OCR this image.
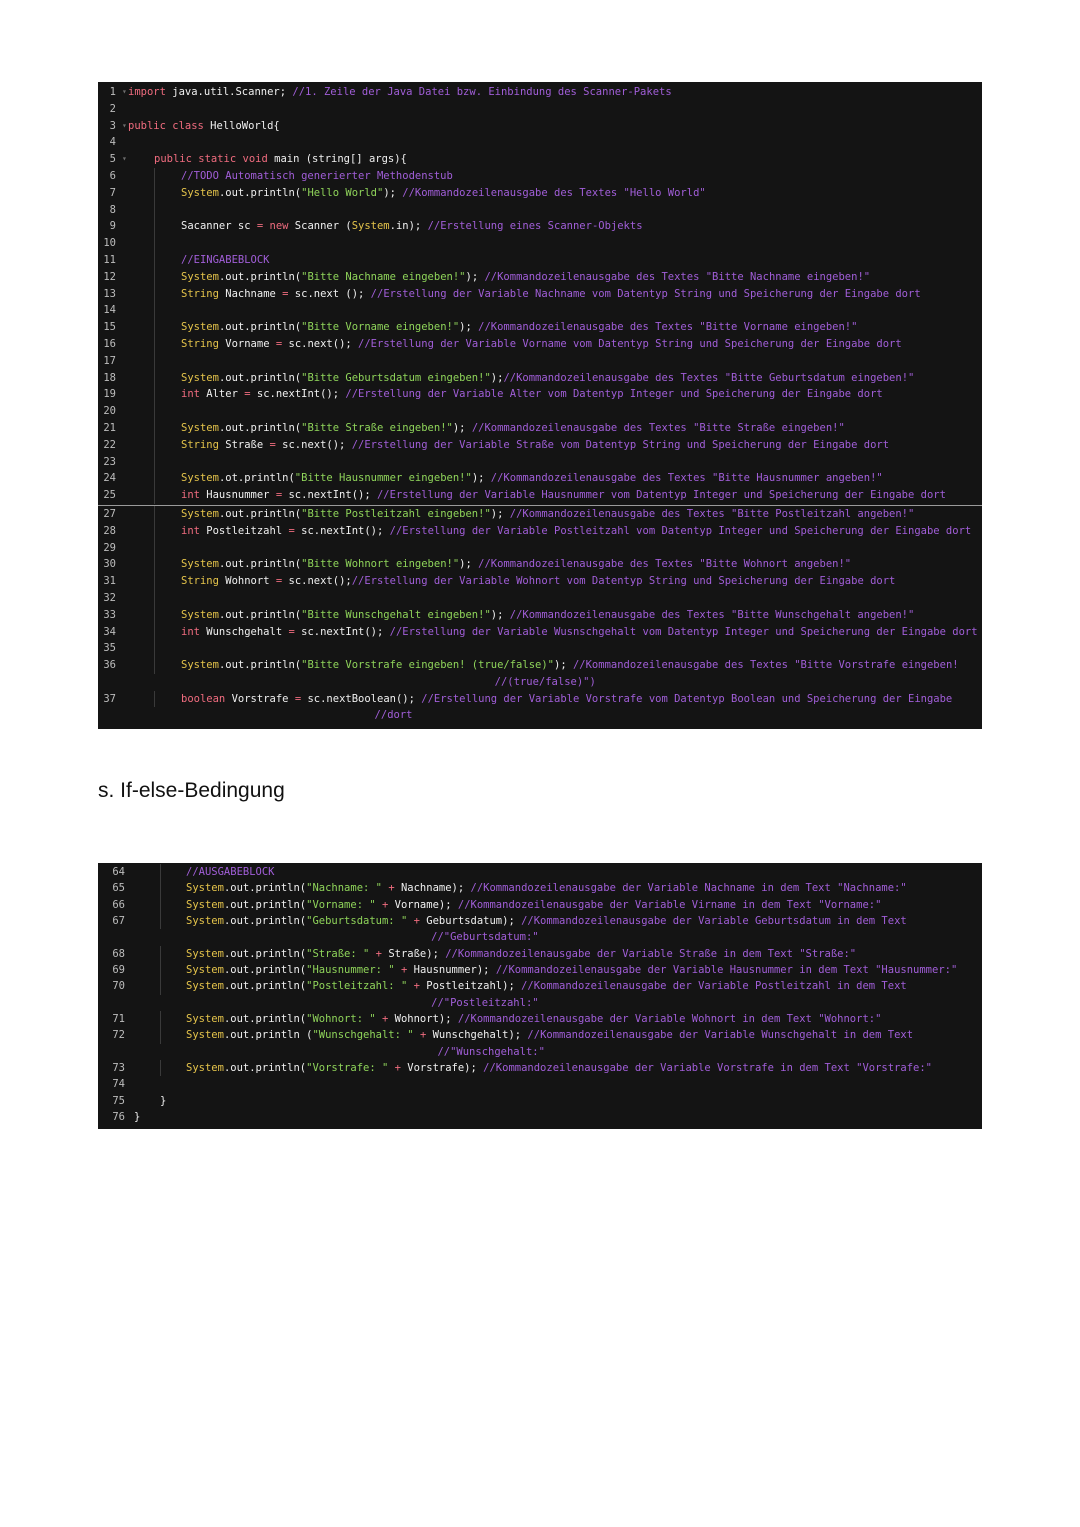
1 ▾ import java.util.Scanner; //1. Zeile der Java Datei bzw. Einbindung des Scanner-Pakets
2
3 ▾ public class HelloWorld{
4
5 ▾	public static void main (string[] args){
6	//TODO Automatisch generierter Methodenstub
7	System.out.println("Hello World"); //Kommandozeilenausgabe des Textes "Hello World"
8
9	Sacanner sc = new Scanner (System.in); //Erstellung eines Scanner-Objekts
10
11	//EINGABEBLOCK
12	System.out.println("Bitte Nachname eingeben!"); //Kommandozeilenausgabe des Textes "Bitte Nachname eingeben!"
13	String Nachname = sc.next (); //Erstellung der Variable Nachname vom Datentyp String und Speicherung der Eingabe dort
14
15	System.out.println("Bitte Vorname eingeben!"); //Kommandozeilenausgabe des Textes "Bitte Vorname eingeben!"
16	String Vorname = sc.next(); //Erstellung der Variable Vorname vom Datentyp String und Speicherung der Eingabe dort
17
18	System.out.println("Bitte Geburtsdatum eingeben!");//Kommandozeilenausgabe des Textes "Bitte Geburtsdatum eingeben!"
19	int Alter = sc.nextInt(); //Erstellung der Variable Alter vom Datentyp Integer und Speicherung der Eingabe dort
20
21	System.out.println("Bitte Straße eingeben!"); //Kommandozeilenausgabe des Textes "Bitte Straße eingeben!"
22	String Straße = sc.next(); //Erstellung der Variable Straße vom Datentyp String und Speicherung der Eingabe dort
23
24	System.ot.println("Bitte Hausnummer eingeben!"); //Kommandozeilenausgabe des Textes "Bitte Hausnummer angeben!"
25	int Hausnummer = sc.nextInt(); //Erstellung der Variable Hausnummer vom Datentyp Integer und Speicherung der Eingabe dort
27	System.out.println("Bitte Postleitzahl eingeben!"); //Kommandozeilenausgabe des Textes "Bitte Postleitzahl angeben!"
28	int Postleitzahl = sc.nextInt(); //Erstellung der Variable Postleitzahl vom Datentyp Integer und Speicherung der Eingabe dort
29
30	System.out.println("Bitte Wohnort eingeben!"); //Kommandozeilenausgabe des Textes "Bitte Wohnort angeben!"
31	String Wohnort = sc.next();//Erstellung der Variable Wohnort vom Datentyp String und Speicherung der Eingabe dort
32
33	System.out.println("Bitte Wunschgehalt eingeben!"); //Kommandozeilenausgabe des Textes "Bitte Wunschgehalt angeben!"
34	int Wunschgehalt = sc.nextInt(); //Erstellung der Variable Wusnschgehalt vom Datentyp Integer und Speicherung der Eingabe dort
35
36	System.out.println("Bitte Vorstrafe eingeben! (true/false)"); //Kommandozeilenausgabe des Textes "Bitte Vorstrafe eingeben!
//(true/false)")
37	boolean Vorstrafe = sc.nextBoolean(); //Erstellung der Variable Vorstrafe vom Datentyp Boolean und Speicherung der Eingabe
//dort
s. If-else-Bedingung
64	//AUSGABEBLOCK
65	System.out.println("Nachname: " + Nachname); //Kommandozeilenausgabe der Variable Nachname in dem Text "Nachname:"
66	System.out.println("Vorname: " + Vorname); //Kommandozeilenausgabe der Variable Virname in dem Text "Vorname:"
67	System.out.println("Geburtsdatum: " + Geburtsdatum); //Kommandozeilenausgabe der Variable Geburtsdatum in dem Text
//"Geburtsdatum:"
68	System.out.println("Straße: " + Straße); //Kommandozeilenausgabe der Variable Straße in dem Text "Straße:"
69	System.out.println("Hausnummer: " + Hausnummer); //Kommandozeilenausgabe der Variable Hausnummer in dem Text "Hausnummer:"
70	System.out.println("Postleitzahl: " + Postleitzahl); //Kommandozeilenausgabe der Variable Postleitzahl in dem Text
//"Postleitzahl:"
71	System.out.println("Wohnort: " + Wohnort); //Kommandozeilenausgabe der Variable Wohnort in dem Text "Wohnort:"
72	System.out.println ("Wunschgehalt: " + Wunschgehalt); //Kommandozeilenausgabe der Variable Wunschgehalt in dem Text
//"Wunschgehalt:"
73	System.out.println("Vorstrafe: " + Vorstrafe); //Kommandozeilenausgabe der Variable Vorstrafe in dem Text "Vorstrafe:"
74
75	}
76 }
